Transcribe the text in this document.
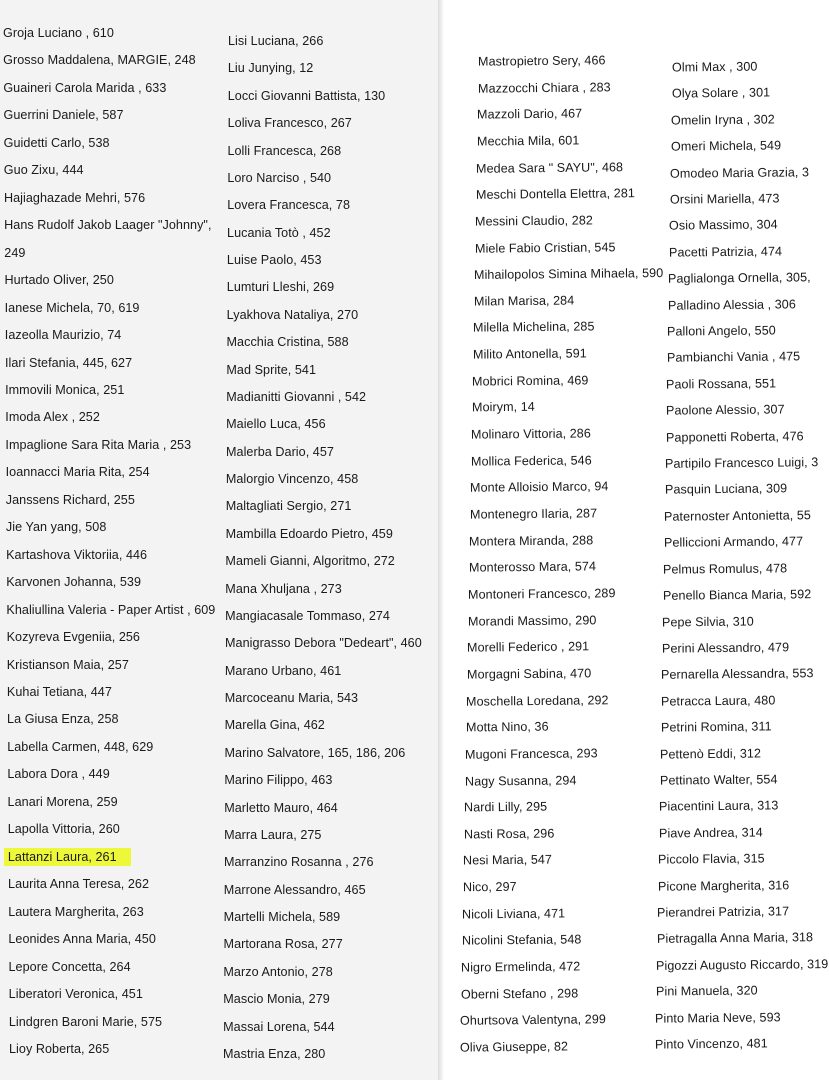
Groja Luciano , 610
Grosso Maddalena, MARGIE, 248
Guaineri Carola Marida , 633
Guerrini Daniele, 587
Guidetti Carlo, 538
Guo Zixu, 444
Hajiaghazade Mehri, 576
Hans Rudolf Jakob Laager "Johnny",
249
Hurtado Oliver, 250
Ianese Michela, 70, 619
Iazeolla Maurizio, 74
Ilari Stefania, 445, 627
Immovili Monica, 251
Imoda Alex , 252
Impaglione Sara Rita Maria , 253
Ioannacci Maria Rita, 254
Janssens Richard, 255
Jie Yan yang, 508
Kartashova Viktoriia, 446
Karvonen Johanna, 539
Khaliullina Valeria - Paper Artist , 609
Kozyreva Evgeniia, 256
Kristianson Maia, 257
Kuhai Tetiana, 447
La Giusa Enza, 258
Labella Carmen, 448, 629
Labora Dora , 449
Lanari Morena, 259
Lapolla Vittoria, 260
Lattanzi Laura, 261
Laurita Anna Teresa, 262
Lautera Margherita, 263
Leonides Anna Maria, 450
Lepore Concetta, 264
Liberatori Veronica, 451
Lindgren Baroni Marie, 575
Lioy Roberta, 265
Lisi Luciana, 266
Liu Junying, 12
Locci Giovanni Battista, 130
Loliva Francesco, 267
Lolli Francesca, 268
Loro Narciso , 540
Lovera Francesca, 78
Lucania Totò , 452
Luise Paolo, 453
Lumturi Lleshi, 269
Lyakhova Nataliya, 270
Macchia Cristina, 588
Mad Sprite, 541
Madianitti Giovanni , 542
Maiello Luca, 456
Malerba Dario, 457
Malorgio Vincenzo, 458
Maltagliati Sergio, 271
Mambilla Edoardo Pietro, 459
Mameli Gianni, Algoritmo, 272
Mana Xhuljana , 273
Mangiacasale Tommaso, 274
Manigrasso Debora "Dedeart", 460
Marano Urbano, 461
Marcoceanu Maria, 543
Marella Gina, 462
Marino Salvatore, 165, 186, 206
Marino Filippo, 463
Marletto Mauro, 464
Marra Laura, 275
Marranzino Rosanna , 276
Marrone Alessandro, 465
Martelli Michela, 589
Martorana Rosa, 277
Marzo Antonio, 278
Mascio Monia, 279
Massai Lorena, 544
Mastria Enza, 280
Mastropietro Sery, 466
Mazzocchi Chiara , 283
Mazzoli Dario, 467
Mecchia Mila, 601
Medea Sara " SAYU", 468
Meschi Dontella Elettra, 281
Messini Claudio, 282
Miele Fabio Cristian, 545
Mihailopolos Simina Mihaela, 590
Milan Marisa, 284
Milella Michelina, 285
Milito Antonella, 591
Mobrici Romina, 469
Moirym, 14
Molinaro Vittoria, 286
Mollica Federica, 546
Monte Alloisio Marco, 94
Montenegro Ilaria, 287
Montera Miranda, 288
Monterosso Mara, 574
Montoneri Francesco, 289
Morandi Massimo, 290
Morelli Federico , 291
Morgagni Sabina, 470
Moschella Loredana, 292
Motta Nino, 36
Mugoni Francesca, 293
Nagy Susanna, 294
Nardi Lilly, 295
Nasti Rosa, 296
Nesi Maria, 547
Nico, 297
Nicoli Liviana, 471
Nicolini Stefania, 548
Nigro Ermelinda, 472
Oberni Stefano , 298
Ohurtsova Valentyna, 299
Oliva Giuseppe, 82
Olmi Max , 300
Olya Solare , 301
Omelin Iryna , 302
Omeri Michela, 549
Omodeo Maria Grazia, 3
Orsini Mariella, 473
Osio Massimo, 304
Pacetti Patrizia, 474
Paglialonga Ornella, 305,
Palladino Alessia , 306
Palloni Angelo, 550
Pambianchi Vania , 475
Paoli Rossana, 551
Paolone Alessio, 307
Papponetti Roberta, 476
Partipilo Francesco Luigi, 3
Pasquin Luciana, 309
Paternoster Antonietta, 55
Pelliccioni Armando, 477
Pelmus Romulus, 478
Penello Bianca Maria, 592
Pepe Silvia, 310
Perini Alessandro, 479
Pernarella Alessandra, 553
Petracca Laura, 480
Petrini Romina, 311
Pettenò Eddi, 312
Pettinato Walter, 554
Piacentini Laura, 313
Piave Andrea, 314
Piccolo Flavia, 315
Picone Margherita, 316
Pierandrei Patrizia, 317
Pietragalla Anna Maria, 318
Pigozzi Augusto Riccardo, 319
Pini Manuela, 320
Pinto Maria Neve, 593
Pinto Vincenzo, 481
